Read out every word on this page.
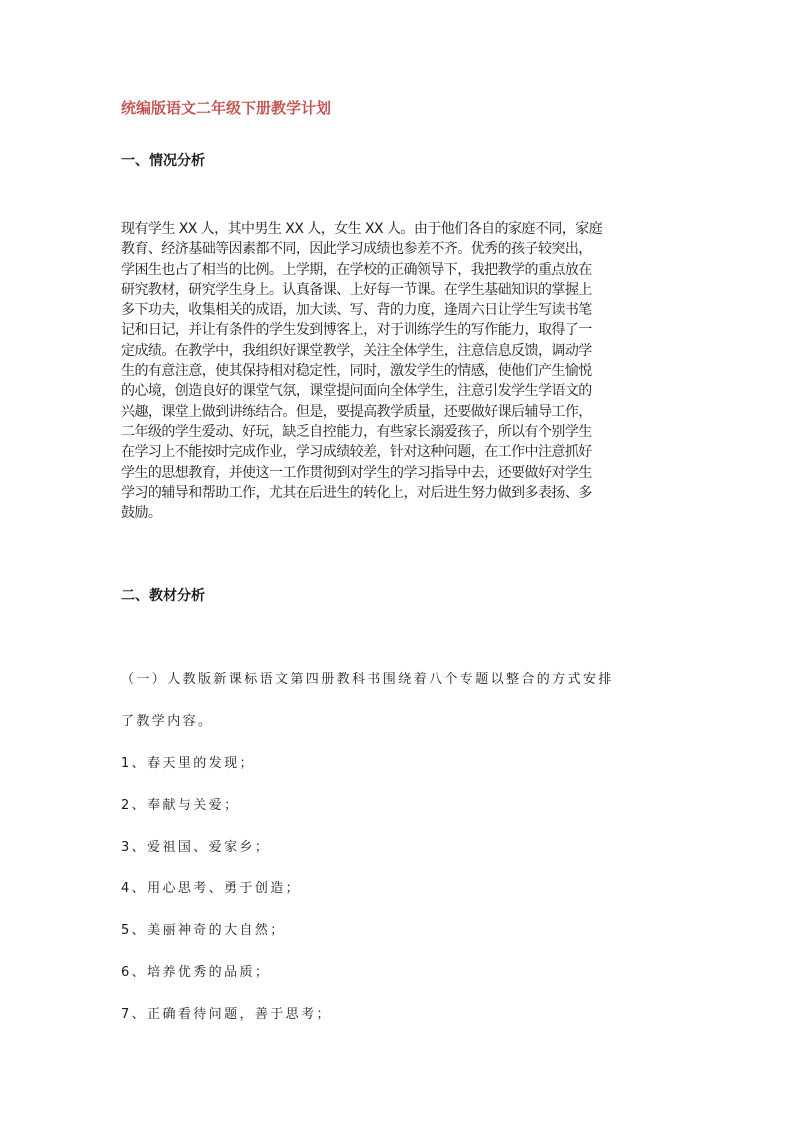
统编版语文二年级下册教学计划
一、情况分析

现有学生 XX 人，其中男生 XX 人，女生 XX 人。由于他们各自的家庭不同，家庭
教育、经济基础等因素都不同，因此学习成绩也参差不齐。优秀的孩子较突出，
学困生也占了相当的比例。上学期，在学校的正确领导下，我把教学的重点放在
研究教材，研究学生身上。认真备课、上好每一节课。在学生基础知识的掌握上
多下功夫，收集相关的成语，加大读、写、背的力度，逢周六日让学生写读书笔
记和日记，并让有条件的学生发到博客上，对于训练学生的写作能力，取得了一
定成绩。在教学中，我组织好课堂教学，关注全体学生，注意信息反馈，调动学
生的有意注意，使其保持相对稳定性，同时，激发学生的情感，使他们产生愉悦
的心境，创造良好的课堂气氛，课堂提问面向全体学生，注意引发学生学语文的
兴趣，课堂上做到讲练结合。但是，要提高教学质量，还要做好课后辅导工作，
二年级的学生爱动、好玩，缺乏自控能力，有些家长溺爱孩子，所以有个别学生
在学习上不能按时完成作业，学习成绩较差，针对这种问题，在工作中注意抓好
学生的思想教育，并使这一工作贯彻到对学生的学习指导中去，还要做好对学生
学习的辅导和帮助工作，尤其在后进生的转化上，对后进生努力做到多表扬、多
鼓励。

二、教材分析

（一）人教版新课标语文第四册教科书围绕着八个专题以整合的方式安排

了教学内容。

1、春天里的发现；

2、奉献与关爱；

3、爱祖国、爱家乡；

4、用心思考、勇于创造；

5、美丽神奇的大自然；

6、培养优秀的品质；

7、正确看待问题，善于思考；
